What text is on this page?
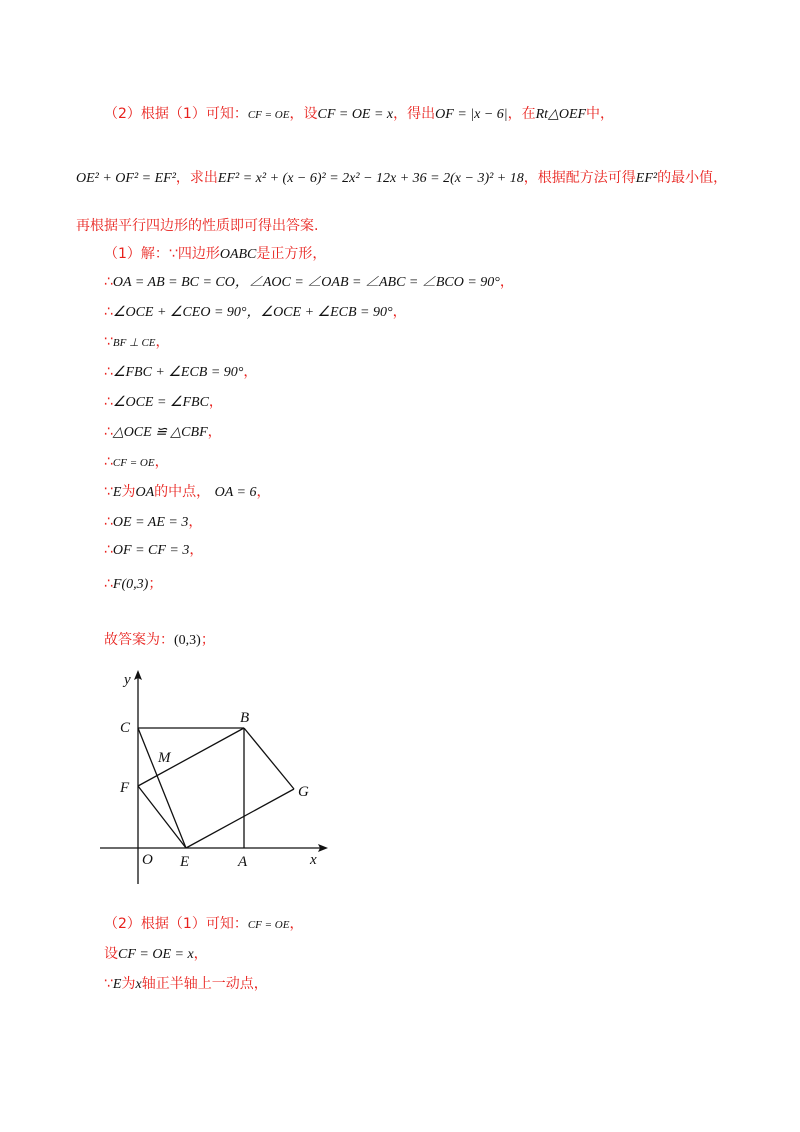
（2）根据（1）可知：CF = OE，设CF = OE = x，得出OF = |x − 6|，在Rt△OEF中，
OE² + OF² = EF²，求出EF² = x² + (x − 6)² = 2x² − 12x + 36 = 2(x − 3)² + 18，根据配方法可得EF²的最小值，
再根据平行四边形的性质即可得出答案.
（1）解：∵四边形OABC是正方形，
∴OA = AB = BC = CO，∠AOC = ∠OAB = ∠ABC = ∠BCO = 90°，
∴∠OCE + ∠CEO = 90°，∠OCE + ∠ECB = 90°，
∵BF ⊥ CE，
∴∠FBC + ∠ECB = 90°，
∴∠OCE = ∠FBC，
∴△OCE ≌ △CBF，
∴CF = OE，
∵E为OA的中点， OA = 6，
∴OE = AE = 3，
∴OF = CF = 3，
∴F(0,3)；
故答案为：(0,3)；
y
x
C
B
M
F	G
O E	A
（2）根据（1）可知：CF = OE，
设CF = OE = x，
∵E为x轴正半轴上一动点，
